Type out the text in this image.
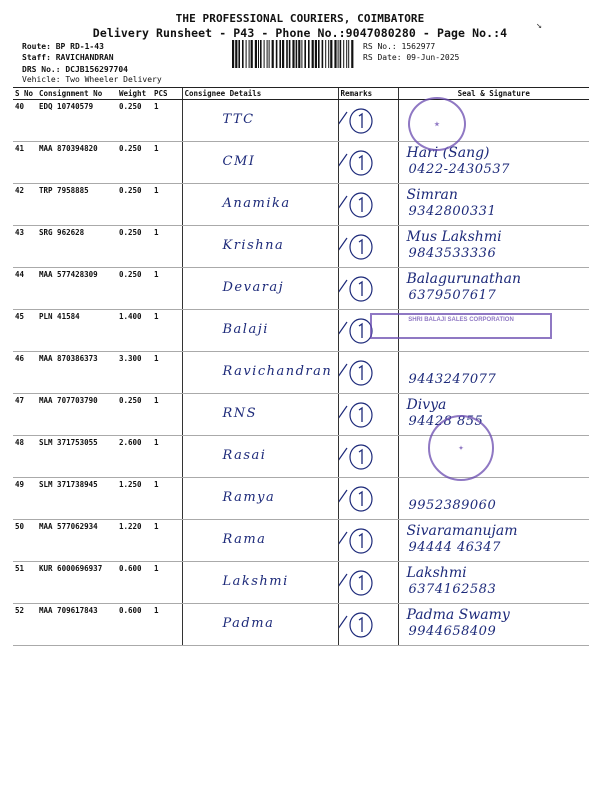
THE PROFESSIONAL COURIERS, COIMBATORE
Delivery Runsheet - P43 - Phone No.:9047080280 - Page No.:4
↘
Route: BP RD-1-43
Staff: RAVICHANDRAN
DRS No.: DCJB156297704
Vehicle: Two Wheeler Delivery
RS No.: 1562977
RS Date: 09-Jun-2025
S No	Consignment No	Weight	PCS	Consignee Details	Remarks	Seal & Signature
40	EDQ 10740579	0.250	1	TTC

41	MAA 870394820	0.250	1	CMI		Hari (Sang)
0422-2430537

42	TRP 7958885	0.250	1	Anamika		Simran
9342800331

43	SRG 962628	0.250	1	Krishna		Mus Lakshmi
9843533336

44	MAA 577428309	0.250	1	Devaraj		Balagurunathan
6379507617

45	PLN 41584	1.400	1	Balaji

46	MAA 870386373	3.300	1	Ravichandran		9443247077

47	MAA 707703790	0.250	1	RNS		Divya
94428 855

48	SLM 371753055	2.600	1	Rasai

49	SLM 371738945	1.250	1	Ramya		9952389060

50	MAA 577062934	1.220	1	Rama		Sivaramanujam
94444 46347

51	KUR 6000696937	0.600	1	Lakshmi		Lakshmi
6374162583

52	MAA 709617843	0.600	1	Padma		Padma Swamy
9944658409
★
SHRI BALAJI SALES CORPORATION
✦
